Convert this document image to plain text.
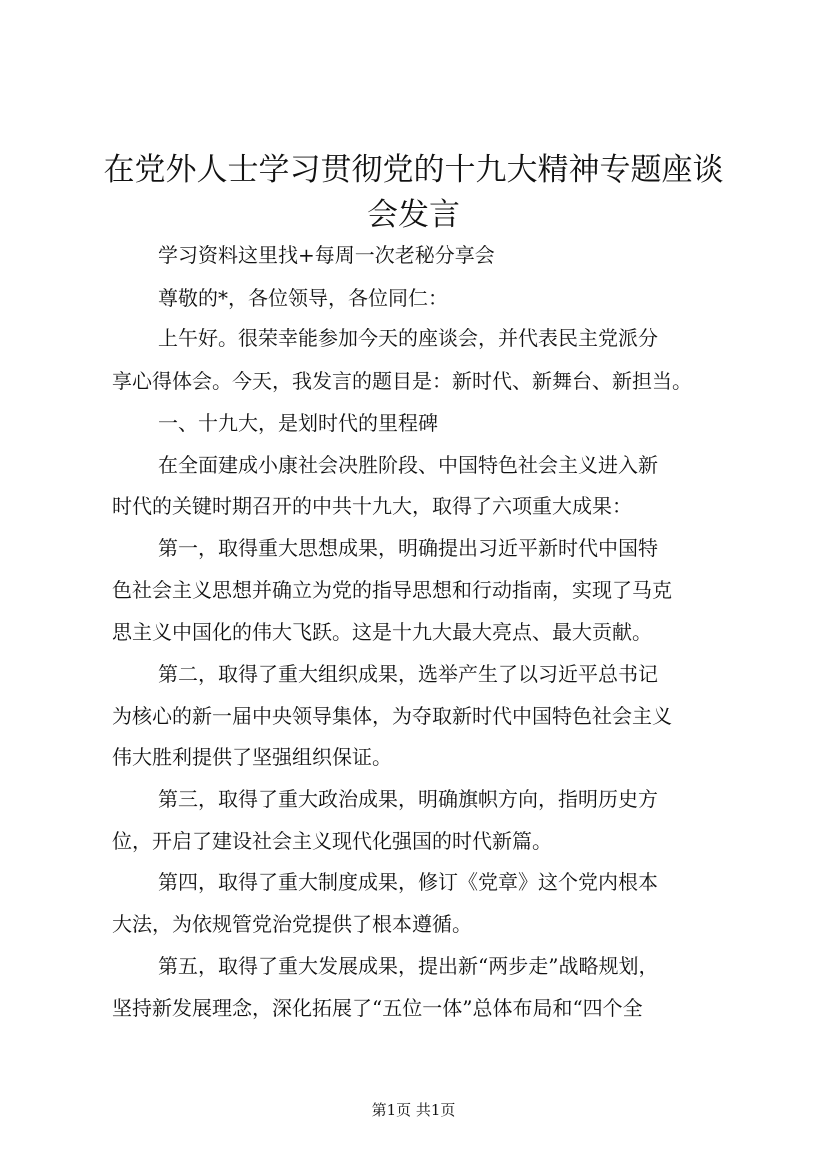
在党外人士学习贯彻党的十九大精神专题座谈
会发言

学习资料这里找+每周一次老秘分享会

尊敬的*，各位领导，各位同仁：

上午好。很荣幸能参加今天的座谈会，并代表民主党派分

享心得体会。今天，我发言的题目是：新时代、新舞台、新担当。

一、十九大，是划时代的里程碑

在全面建成小康社会决胜阶段、中国特色社会主义进入新

时代的关键时期召开的中共十九大，取得了六项重大成果：

第一，取得重大思想成果，明确提出习近平新时代中国特

色社会主义思想并确立为党的指导思想和行动指南，实现了马克

思主义中国化的伟大飞跃。这是十九大最大亮点、最大贡献。

第二，取得了重大组织成果，选举产生了以习近平总书记

为核心的新一届中央领导集体，为夺取新时代中国特色社会主义

伟大胜利提供了坚强组织保证。

第三，取得了重大政治成果，明确旗帜方向，指明历史方

位，开启了建设社会主义现代化强国的时代新篇。

第四，取得了重大制度成果，修订《党章》这个党内根本

大法，为依规管党治党提供了根本遵循。

第五，取得了重大发展成果，提出新“两步走”战略规划，

坚持新发展理念，深化拓展了“五位一体”总体布局和“四个全

第1页 共1页
